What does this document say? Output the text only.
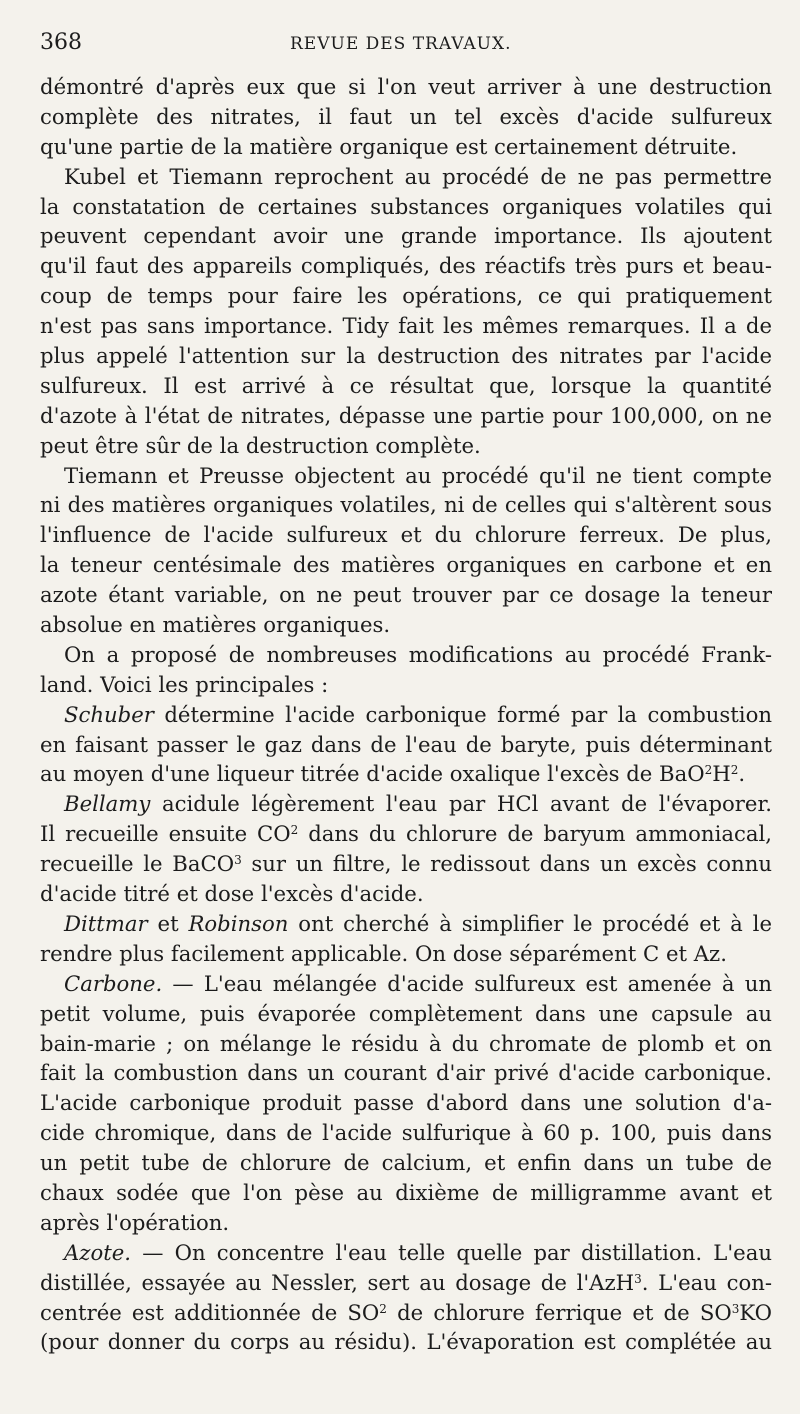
368	REVUE DES TRAVAUX.
démontré d'après eux que si l'on veut arriver à une destruction
complète des nitrates, il faut un tel excès d'acide sulfureux
qu'une partie de la matière organique est certainement détruite.
Kubel et Tiemann reprochent au procédé de ne pas permettre
la constatation de certaines substances organiques volatiles qui
peuvent cependant avoir une grande importance. Ils ajoutent
qu'il faut des appareils compliqués, des réactifs très purs et beau-
coup de temps pour faire les opérations, ce qui pratiquement
n'est pas sans importance. Tidy fait les mêmes remarques. Il a de
plus appelé l'attention sur la destruction des nitrates par l'acide
sulfureux. Il est arrivé à ce résultat que, lorsque la quantité
d'azote à l'état de nitrates, dépasse une partie pour 100,000, on ne
peut être sûr de la destruction complète.
Tiemann et Preusse objectent au procédé qu'il ne tient compte
ni des matières organiques volatiles, ni de celles qui s'altèrent sous
l'influence de l'acide sulfureux et du chlorure ferreux. De plus,
la teneur centésimale des matières organiques en carbone et en
azote étant variable, on ne peut trouver par ce dosage la teneur
absolue en matières organiques.
On a proposé de nombreuses modifications au procédé Frank-
land. Voici les principales :
Schuber détermine l'acide carbonique formé par la combustion
en faisant passer le gaz dans de l'eau de baryte, puis déterminant
au moyen d'une liqueur titrée d'acide oxalique l'excès de $BaO^2H^2$.
Bellamy acidule légèrement l'eau par HCl avant de l'évaporer.
Il recueille ensuite $CO^2$ dans du chlorure de baryum ammoniacal,
recueille le BaCO$^3$ sur un filtre, le redissout dans un excès connu
d'acide titré et dose l'excès d'acide.
Dittmar et Robinson ont cherché à simplifier le procédé et à le
rendre plus facilement applicable. On dose séparément C et Az.
Carbone. — L'eau mélangée d'acide sulfureux est amenée à un
petit volume, puis évaporée complètement dans une capsule au
bain-marie ; on mélange le résidu à du chromate de plomb et on
fait la combustion dans un courant d'air privé d'acide carbonique.
L'acide carbonique produit passe d'abord dans une solution d'a-
cide chromique, dans de l'acide sulfurique à 60 p. 100, puis dans
un petit tube de chlorure de calcium, et enfin dans un tube de
chaux sodée que l'on pèse au dixième de milligramme avant et
après l'opération.
Azote. — On concentre l'eau telle quelle par distillation. L'eau
distillée, essayée au Nessler, sert au dosage de l'AzH$^3$. L'eau con-
centrée est additionnée de $SO^2$ de chlorure ferrique et de $SO^3KO$
(pour donner du corps au résidu). L'évaporation est complétée au
